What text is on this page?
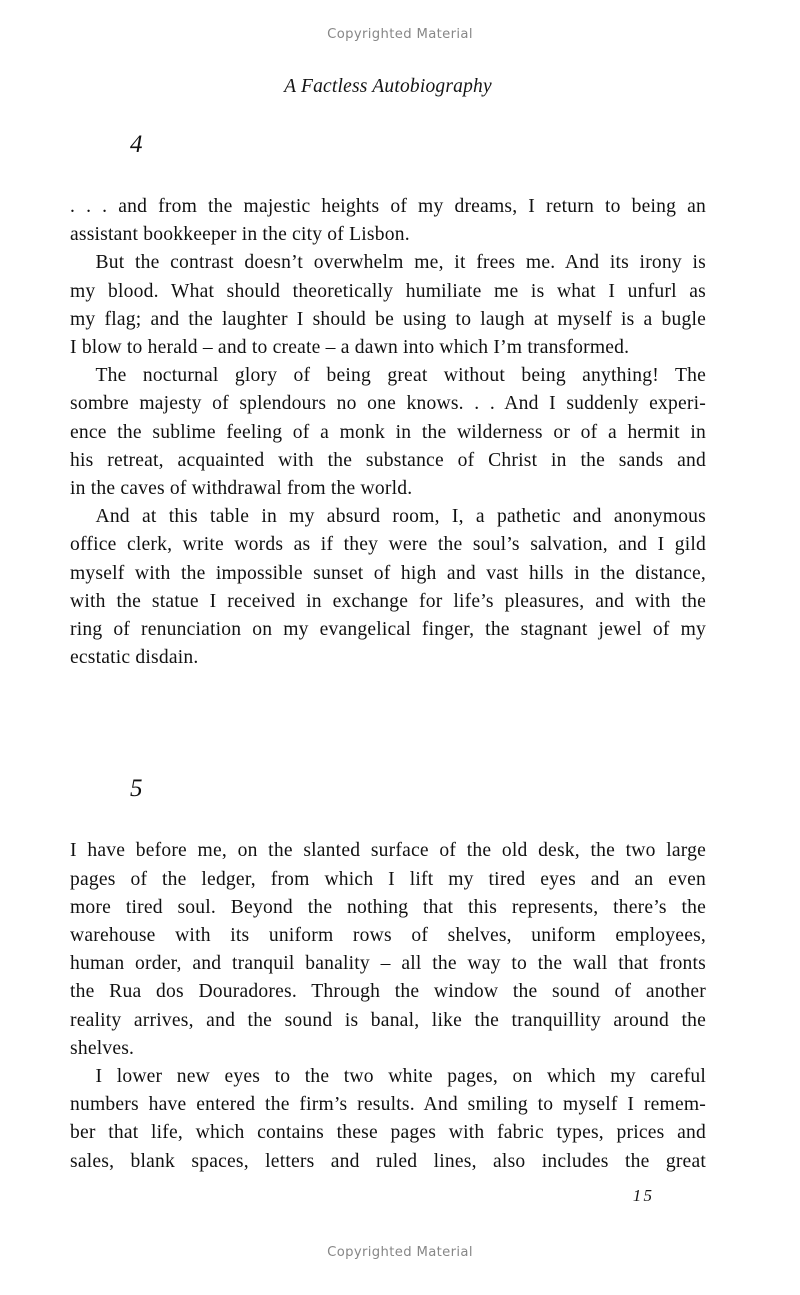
Copyrighted Material
A Factless Autobiography
4

. . . and from the majestic heights of my dreams, I return to being an
assistant bookkeeper in the city of Lisbon.

But the contrast doesn’t overwhelm me, it frees me. And its irony is
my blood. What should theoretically humiliate me is what I unfurl as
my flag; and the laughter I should be using to laugh at myself is a bugle
I blow to herald – and to create – a dawn into which I’m transformed.

The nocturnal glory of being great without being anything! The
sombre majesty of splendours no one knows. . . And I suddenly experi-
ence the sublime feeling of a monk in the wilderness or of a hermit in
his retreat, acquainted with the substance of Christ in the sands and
in the caves of withdrawal from the world.

And at this table in my absurd room, I, a pathetic and anonymous
office clerk, write words as if they were the soul’s salvation, and I gild
myself with the impossible sunset of high and vast hills in the distance,
with the statue I received in exchange for life’s pleasures, and with the
ring of renunciation on my evangelical finger, the stagnant jewel of my
ecstatic disdain.

5

I have before me, on the slanted surface of the old desk, the two large
pages of the ledger, from which I lift my tired eyes and an even
more tired soul. Beyond the nothing that this represents, there’s the
warehouse with its uniform rows of shelves, uniform employees,
human order, and tranquil banality – all the way to the wall that fronts
the Rua dos Douradores. Through the window the sound of another
reality arrives, and the sound is banal, like the tranquillity around the
shelves.

I lower new eyes to the two white pages, on which my careful
numbers have entered the firm’s results. And smiling to myself I remem-
ber that life, which contains these pages with fabric types, prices and
sales, blank spaces, letters and ruled lines, also includes the great

15
Copyrighted Material
